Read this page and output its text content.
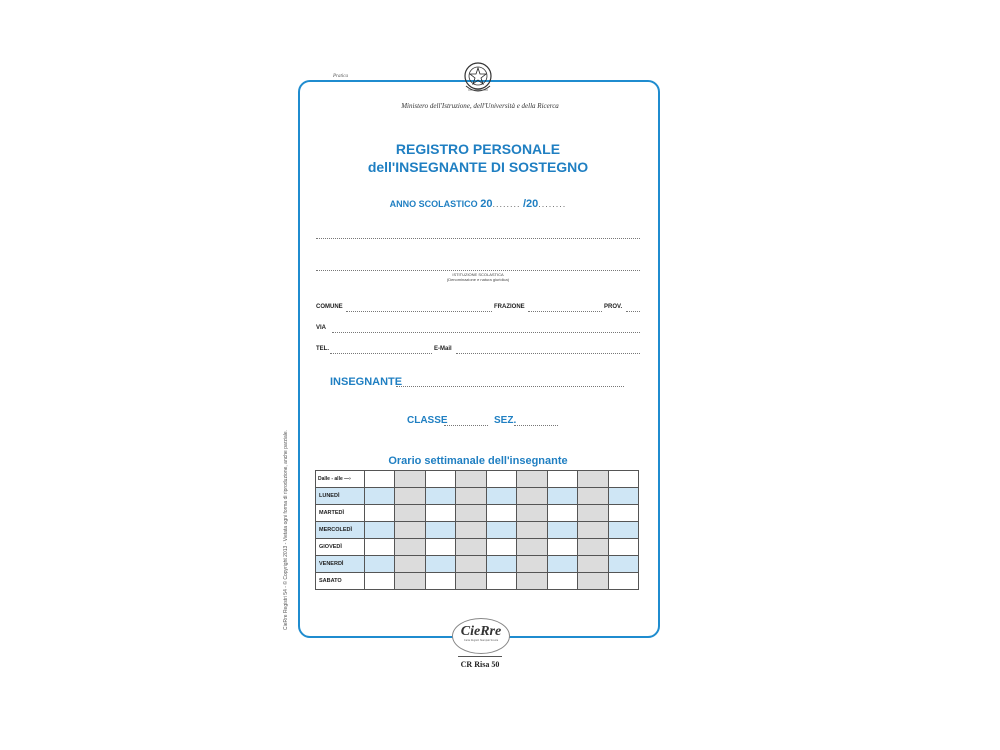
Pratica
Ministero dell'Istruzione, dell'Università e della Ricerca
REGISTRO PERSONALE
dell'INSEGNANTE DI SOSTEGNO
ANNO SCOLASTICO 20........ /20........
ISTITUZIONE SCOLASTICA
(Denominazione e natura giuridica)
COMUNE	FRAZIONE	PROV.
VIA
TEL.	E-Mail
INSEGNANTE
CLASSE	SEZ.
Orario settimanale dell'insegnante
Dalle - alle —›									
LUNEDÌ									
MARTEDÌ									
MERCOLEDÌ									
GIOVEDÌ									
VENERDÌ									
SABATO									
CieRre Registri 54 - © Copyright 2013 - Vietata ogni forma di riproduzione, anche parziale.
CieRre
Carta Registri Stampati Scuola
CR Risa 50
